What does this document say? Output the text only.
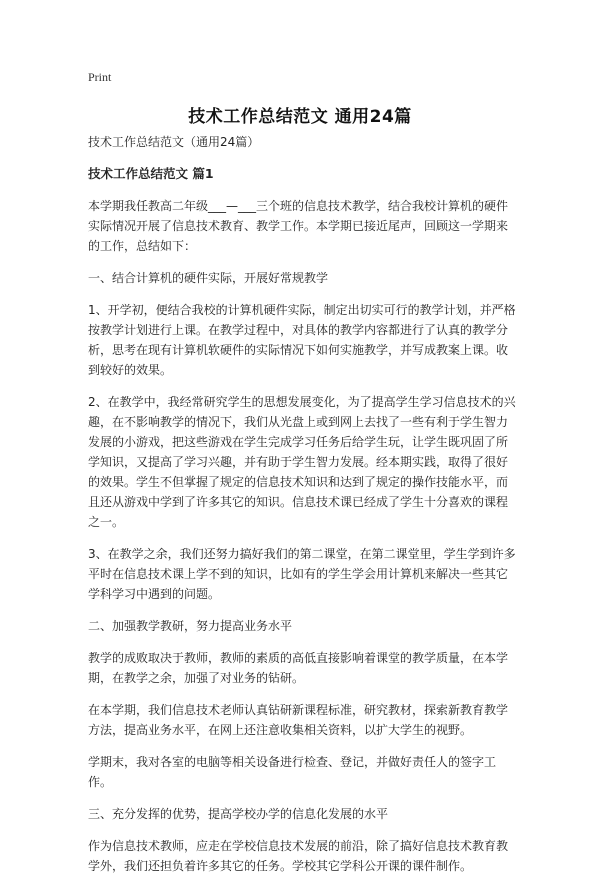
Print
技术工作总结范文 通用24篇

技术工作总结范文（通用24篇）

技术工作总结范文 篇1

本学期我任教高二年级___—___三个班的信息技术教学，结合我校计算机的硬件实际情况开展了信息技术教育、教学工作。本学期已接近尾声，回顾这一学期来的工作，总结如下：

一、结合计算机的硬件实际，开展好常规教学

1、开学初，便结合我校的计算机硬件实际，制定出切实可行的教学计划，并严格按教学计划进行上课。在教学过程中，对具体的教学内容都进行了认真的教学分析，思考在现有计算机软硬件的实际情况下如何实施教学，并写成教案上课。收到较好的效果。

2、在教学中，我经常研究学生的思想发展变化，为了提高学生学习信息技术的兴趣，在不影响教学的情况下，我们从光盘上或到网上去找了一些有利于学生智力发展的小游戏，把这些游戏在学生完成学习任务后给学生玩，让学生既巩固了所学知识，又提高了学习兴趣，并有助于学生智力发展。经本期实践，取得了很好的效果。学生不但掌握了规定的信息技术知识和达到了规定的操作技能水平，而且还从游戏中学到了许多其它的知识。信息技术课已经成了学生十分喜欢的课程之一。

3、在教学之余，我们还努力搞好我们的第二课堂，在第二课堂里，学生学到许多平时在信息技术课上学不到的知识，比如有的学生学会用计算机来解决一些其它学科学习中遇到的问题。

二、加强教学教研，努力提高业务水平

教学的成败取决于教师，教师的素质的高低直接影响着课堂的教学质量，在本学期，在教学之余，加强了对业务的钻研。

在本学期，我们信息技术老师认真钻研新课程标准，研究教材，探索新教育教学方法，提高业务水平，在网上还注意收集相关资料，以扩大学生的视野。

学期末，我对各室的电脑等相关设备进行检查、登记，并做好责任人的签字工作。

三、充分发挥的优势，提高学校办学的信息化发展的水平

作为信息技术教师，应走在学校信息技术发展的前沿，除了搞好信息技术教育教学外，我们还担负着许多其它的任务。学校其它学科公开课的课件制作。
